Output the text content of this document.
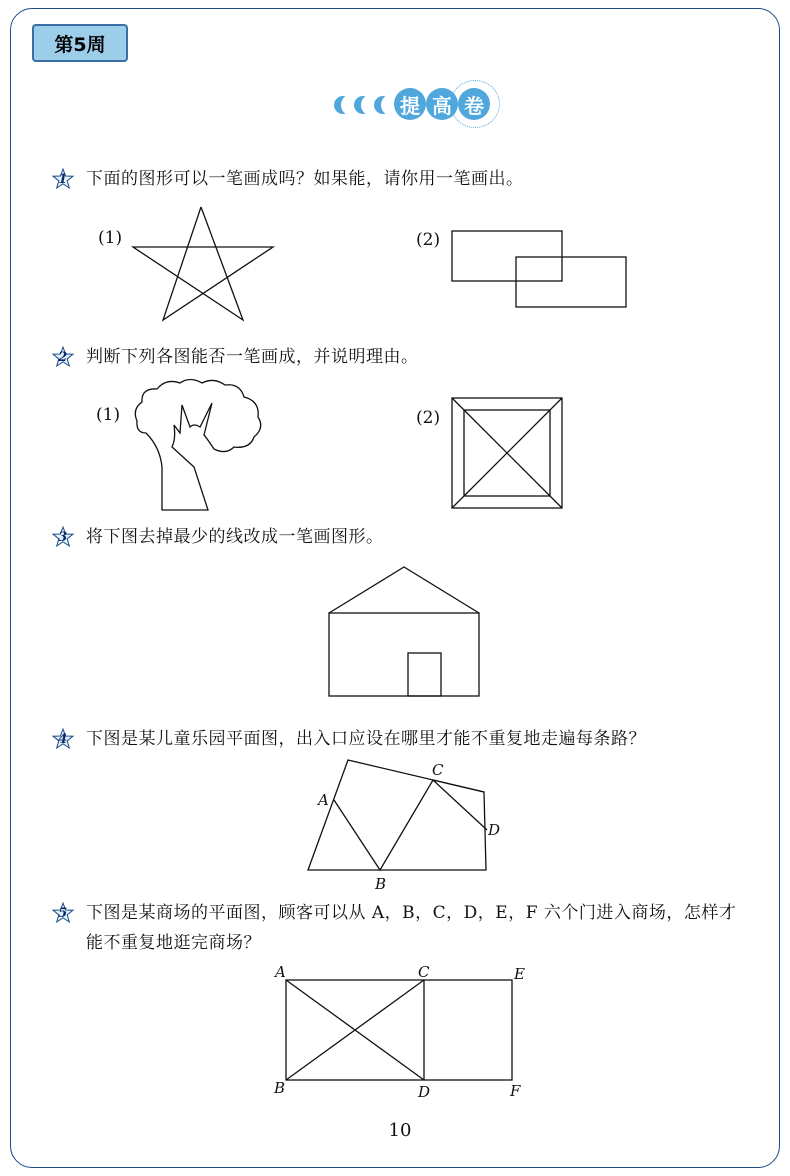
第5周
提 高 卷
1	下面的图形可以一笔画成吗？如果能，请你用一笔画出。
(1)	(2)
2	判断下列各图能否一笔画成，并说明理由。
(1)	(2)
3	将下图去掉最少的线改成一笔画图形。
4	下图是某儿童乐园平面图，出入口应设在哪里才能不重复地走遍每条路？
A
B
C
D
5	下图是某商场的平面图，顾客可以从 A，B，C，D，E，F 六个门进入商场，怎样才
能不重复地逛完商场？
A
B
C
D
E
F
10
